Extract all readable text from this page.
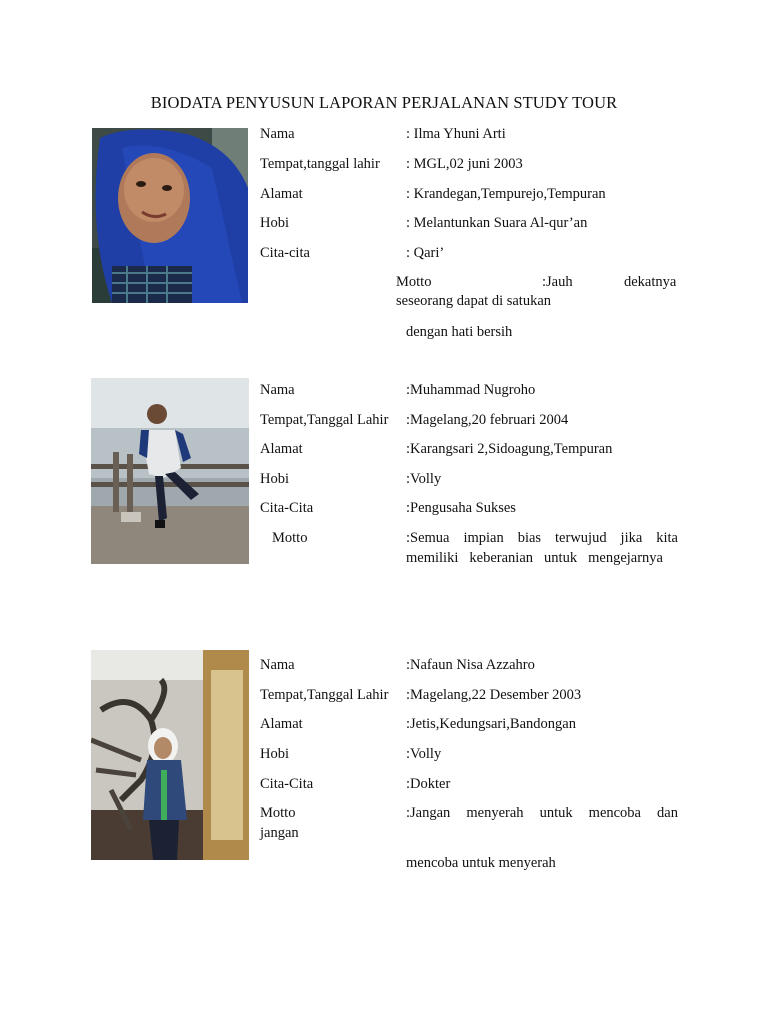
BIODATA PENYUSUN LAPORAN PERJALANAN STUDY TOUR
Nama	: Ilma Yhuni Arti
Tempat,tanggal lahir : MGL,02 juni 2003
Alamat	: Krandegan,Tempurejo,Tempuran
Hobi	: Melantunkan Suara Al-qur’an
Cita-cita	: Qari’
Motto	:Jauh	dekatnya
seseorang dapat di satukan
dengan hati bersih
Nama	:Muhammad Nugroho
Tempat,Tanggal Lahir :Magelang,20 februari 2004
Alamat	:Karangsari 2,Sidoagung,Tempuran
Hobi	:Volly
Cita-Cita	:Pengusaha Sukses
Motto	:Semua impian bias terwujud jika kita
memiliki keberanian untuk mengejarnya
Nama	:Nafaun Nisa Azzahro
Tempat,Tanggal Lahir :Magelang,22 Desember 2003
Alamat	:Jetis,Kedungsari,Bandongan
Hobi	:Volly
Cita-Cita	:Dokter
Motto	:Jangan menyerah untuk mencoba dan
jangan
mencoba untuk menyerah
